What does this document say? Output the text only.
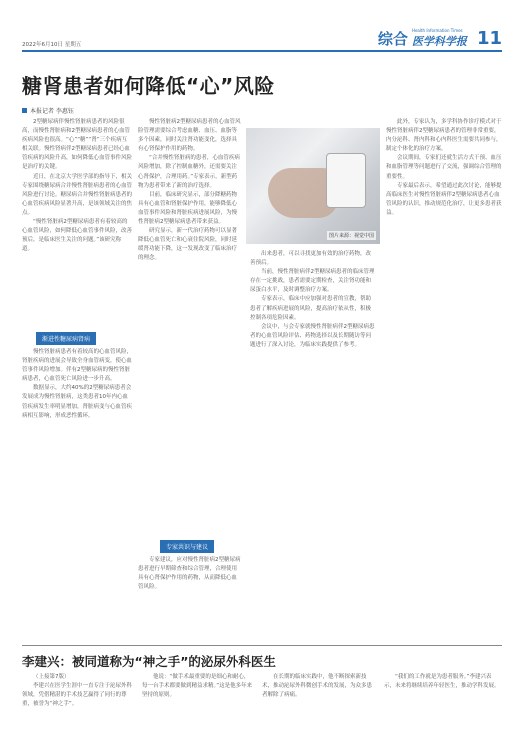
2022年6月10日 星期五	综合 Health Information Times
医学科学报 11
糖肾患者如何降低“心”风险
本报记者 李惠钰

2型糖尿病伴慢性肾脏病患者的风险很高，而慢性肾脏病和2型糖尿病患者的心血管疾病风险也很高。“心”“糖”“肾”三个疾病互相关联。慢性肾病伴2型糖尿病患者已经心血管疾病的风险升高，如何降低心血管事件风险是治疗的关键。

近日，在北京大学医学部的指导下，相关专家围绕糖尿病合并慢性肾脏病患者的心血管风险进行讨论。糖尿病合并慢性肾脏病患者的心血管疾病风险显著升高，是该领域关注的焦点。

“慢性肾脏病2型糖尿病患者有着较高的心血管风险，如何降低心血管事件风险，改善预后，是临床医生关注的问题。”该研究称道。

渐进性糖尿病肾病

慢性肾脏病患者有着较高的心血管风险，肾脏疾病的进展会导致全身血管病变，使心血管事件风险增加。伴有2型糖尿病的慢性肾脏病患者，心血管死亡风险进一步升高。

数据显示，大约40%的2型糖尿病患者会发展成为慢性肾脏病，这类患者10年内心血管疾病发生率明显增加，肾脏病变与心血管疾病相互影响，形成恶性循环。

慢性肾脏病2型糖尿病患者的心血管风险管理需要综合考虑血糖、血压、血脂等多个因素，同时关注肾功能变化，选择具有心肾保护作用的药物。

“合并慢性肾脏病的患者，心血管疾病风险增加，除了控制血糖外，还需要关注心肾保护，合理用药。”专家表示，新型药物为患者带来了新的治疗选择。

目前，临床研究显示，部分降糖药物具有心血管和肾脏保护作用，能够降低心血管事件风险和肾脏疾病进展风险，为慢性肾脏病2型糖尿病患者带来获益。

研究显示，新一代治疗药物可以显著降低心血管死亡和心衰住院风险，同时延缓肾功能下降，这一发现改变了临床治疗的理念。

专家共识与建议

专家建议，应对慢性肾脏病2型糖尿病患者进行早期筛查和综合管理，合理使用具有心肾保护作用的药物，从而降低心血管风险。

图片来源：视觉中国

出来患者，可以寻找更加有效的治疗药物，改善预后。

当前，慢性肾脏病伴2型糖尿病患者的临床管理存在一定挑战，患者需要定期检查，关注肾功能和尿蛋白水平，及时调整治疗方案。

专家表示，临床中应加强对患者的宣教，帮助患者了解疾病进展的风险，提高治疗依从性，积极控制各项危险因素。

会议中，与会专家就慢性肾脏病伴2型糖尿病患者的心血管风险评估、药物选择以及长期随访等问题进行了深入讨论，为临床实践提供了参考。

此外，专家认为，多学科协作诊疗模式对于慢性肾脏病伴2型糖尿病患者的管理非常重要，内分泌科、肾内科和心内科医生需要共同参与，制定个体化的治疗方案。

会议期间，专家们还就生活方式干预、血压和血脂管理等问题进行了交流，强调综合管理的重要性。

专家最后表示，希望通过此次讨论，能够提高临床医生对慢性肾脏病伴2型糖尿病患者心血管风险的认识，推动规范化治疗，让更多患者获益。

李建兴：被同道称为“神之手”的泌尿外科医生

（上接第7版）

李建兴在医学生涯中一直专注于泌尿外科领域，凭借精湛的手术技艺赢得了同行的尊重，被誉为“神之手”。

他说：“做手术最重要的是细心和耐心，每一台手术都要做到精益求精。”这是他多年来坚持的原则。

在长期的临床实践中，他不断探索新技术，推动泌尿外科微创手术的发展，为众多患者解除了病痛。

“我们的工作就是为患者服务。”李建兴表示，未来将继续培养年轻医生，推动学科发展。
